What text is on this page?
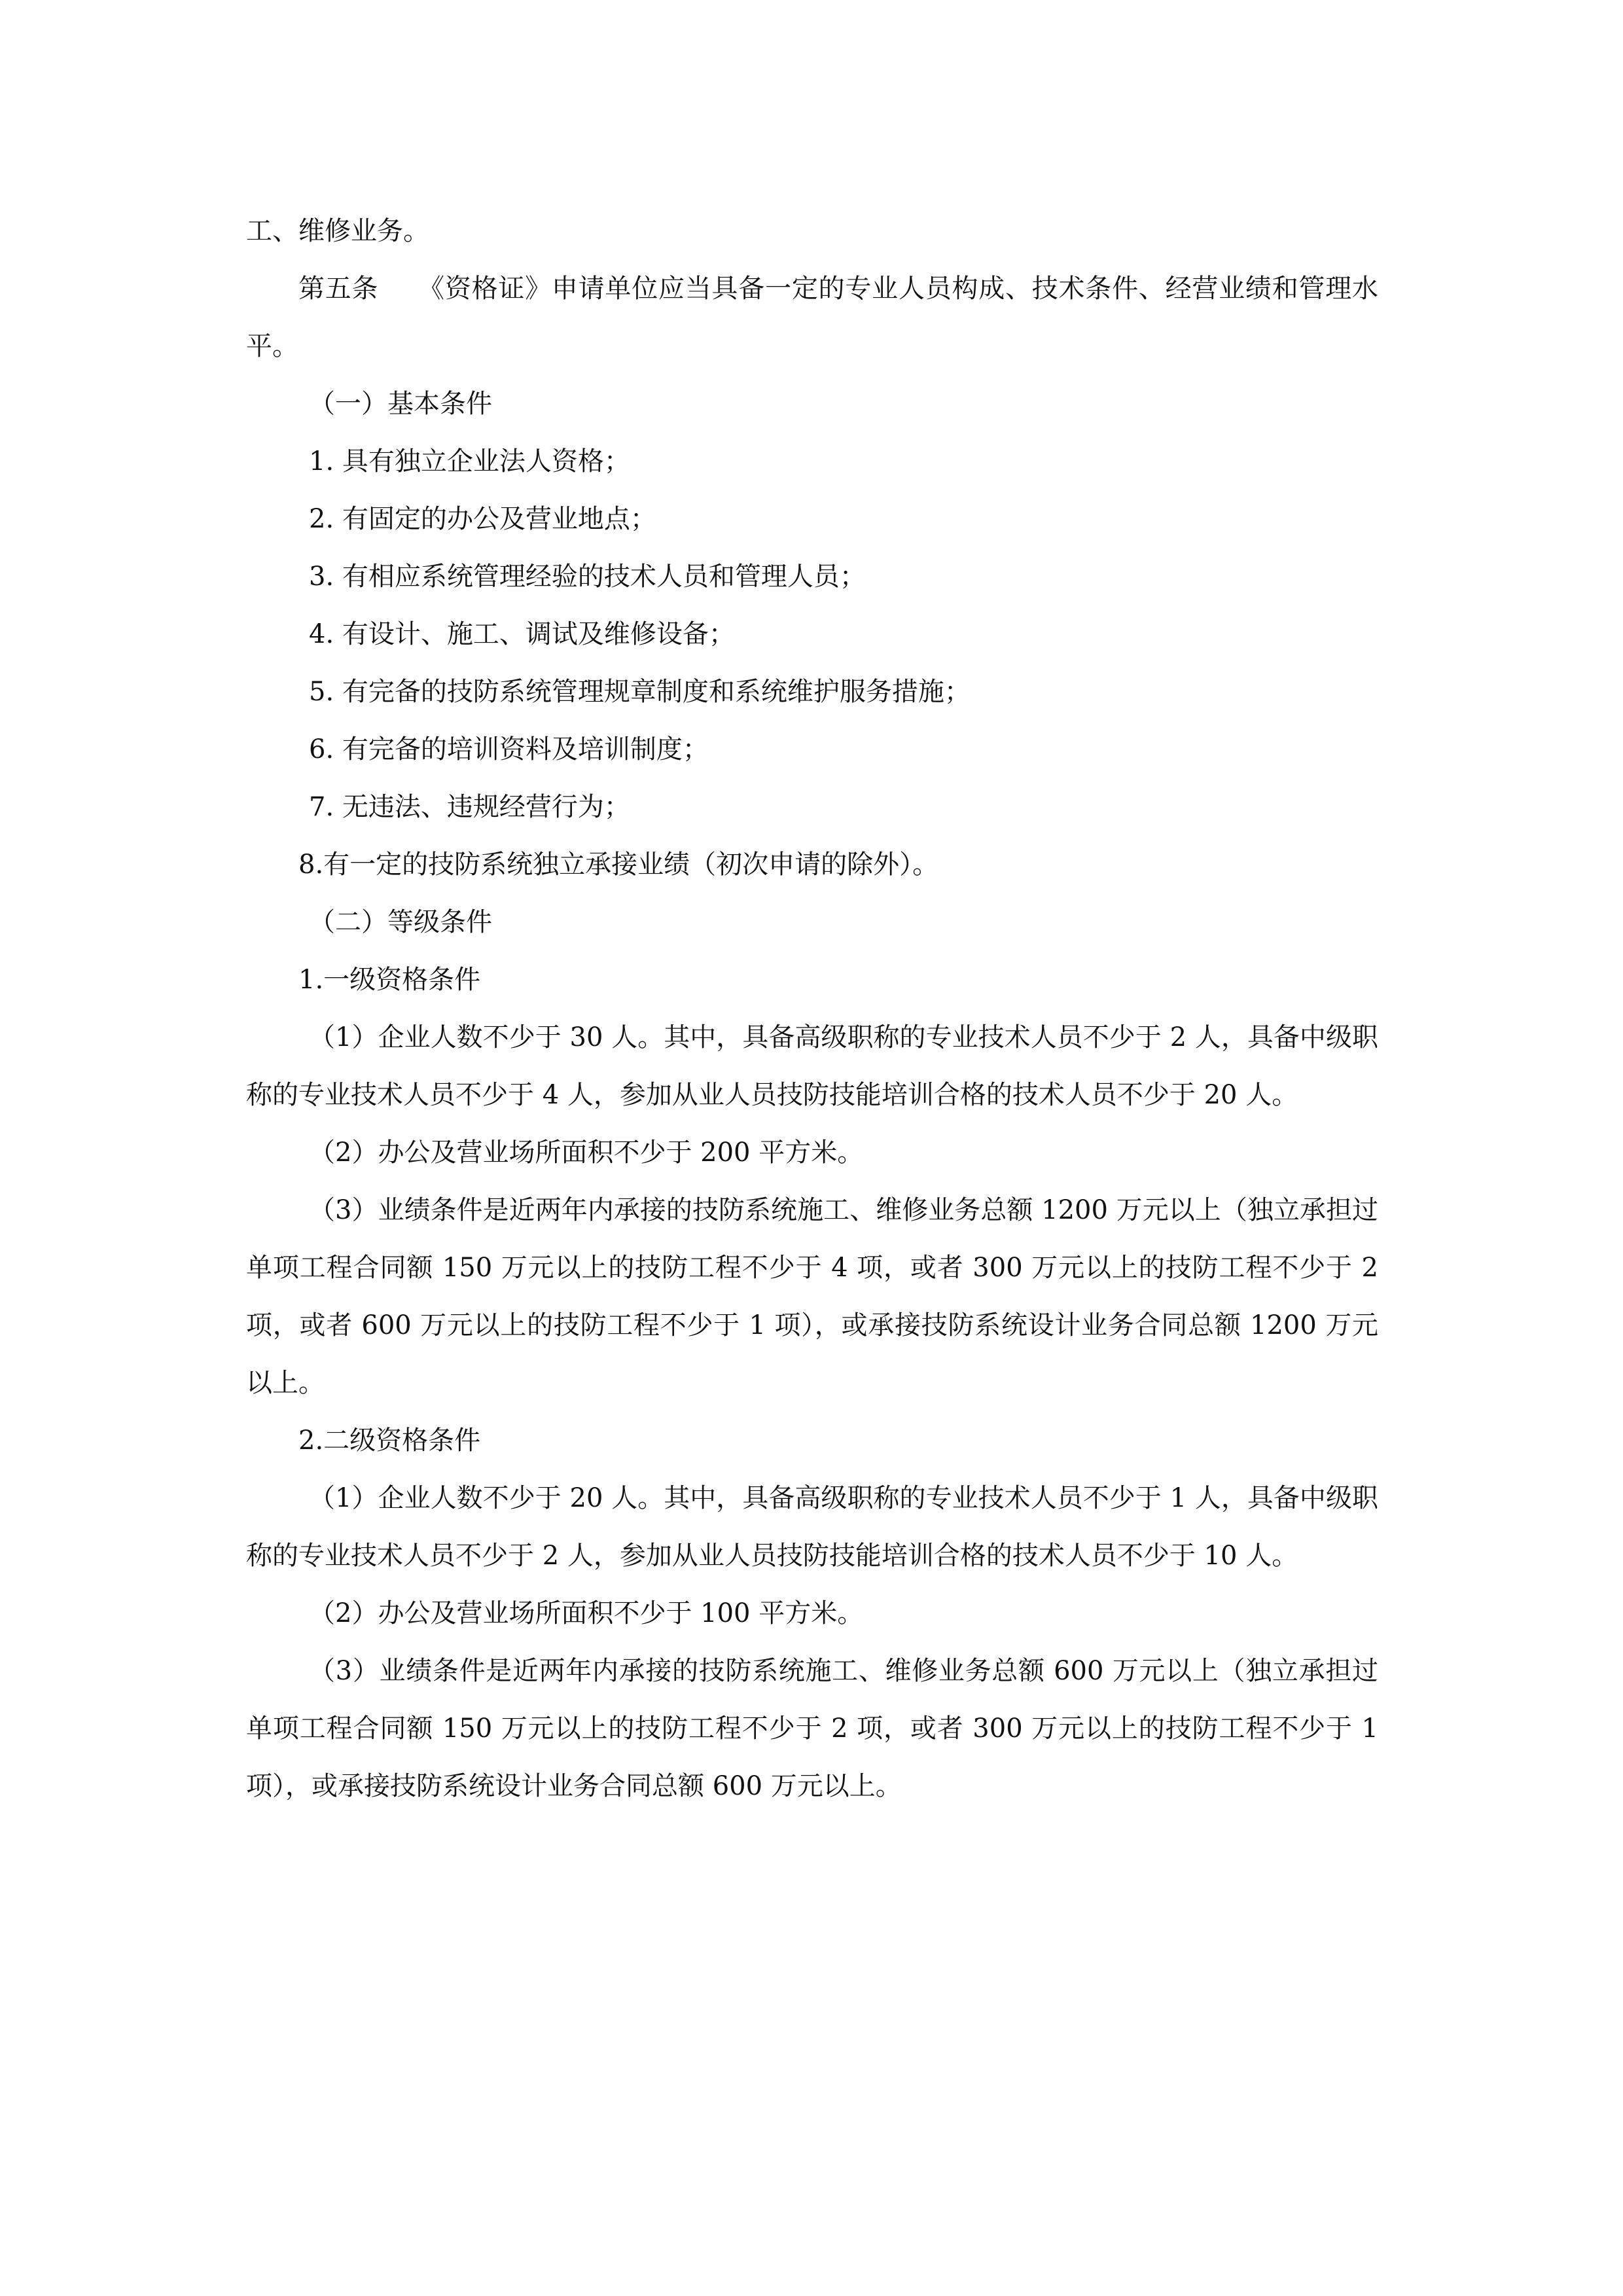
工、维修业务。

第五条 《资格证》申请单位应当具备一定的专业人员构成、技术条件、经营业绩和管理水平。

（一）基本条件

1. 具有独立企业法人资格；

2. 有固定的办公及营业地点；

3. 有相应系统管理经验的技术人员和管理人员；

4. 有设计、施工、调试及维修设备；

5. 有完备的技防系统管理规章制度和系统维护服务措施；

6. 有完备的培训资料及培训制度；

7. 无违法、违规经营行为；

8.有一定的技防系统独立承接业绩（初次申请的除外）。

（二）等级条件

1.一级资格条件

（1）企业人数不少于 30 人。其中，具备高级职称的专业技术人员不少于 2 人，具备中级职称的专业技术人员不少于 4 人，参加从业人员技防技能培训合格的技术人员不少于 20 人。

（2）办公及营业场所面积不少于 200 平方米。

（3）业绩条件是近两年内承接的技防系统施工、维修业务总额 1200 万元以上（独立承担过单项工程合同额 150 万元以上的技防工程不少于 4 项，或者 300 万元以上的技防工程不少于 2 项，或者 600 万元以上的技防工程不少于 1 项），或承接技防系统设计业务合同总额 1200 万元以上。

2.二级资格条件

（1）企业人数不少于 20 人。其中，具备高级职称的专业技术人员不少于 1 人，具备中级职称的专业技术人员不少于 2 人，参加从业人员技防技能培训合格的技术人员不少于 10 人。

（2）办公及营业场所面积不少于 100 平方米。

（3）业绩条件是近两年内承接的技防系统施工、维修业务总额 600 万元以上（独立承担过单项工程合同额 150 万元以上的技防工程不少于 2 项，或者 300 万元以上的技防工程不少于 1 项），或承接技防系统设计业务合同总额 600 万元以上。
